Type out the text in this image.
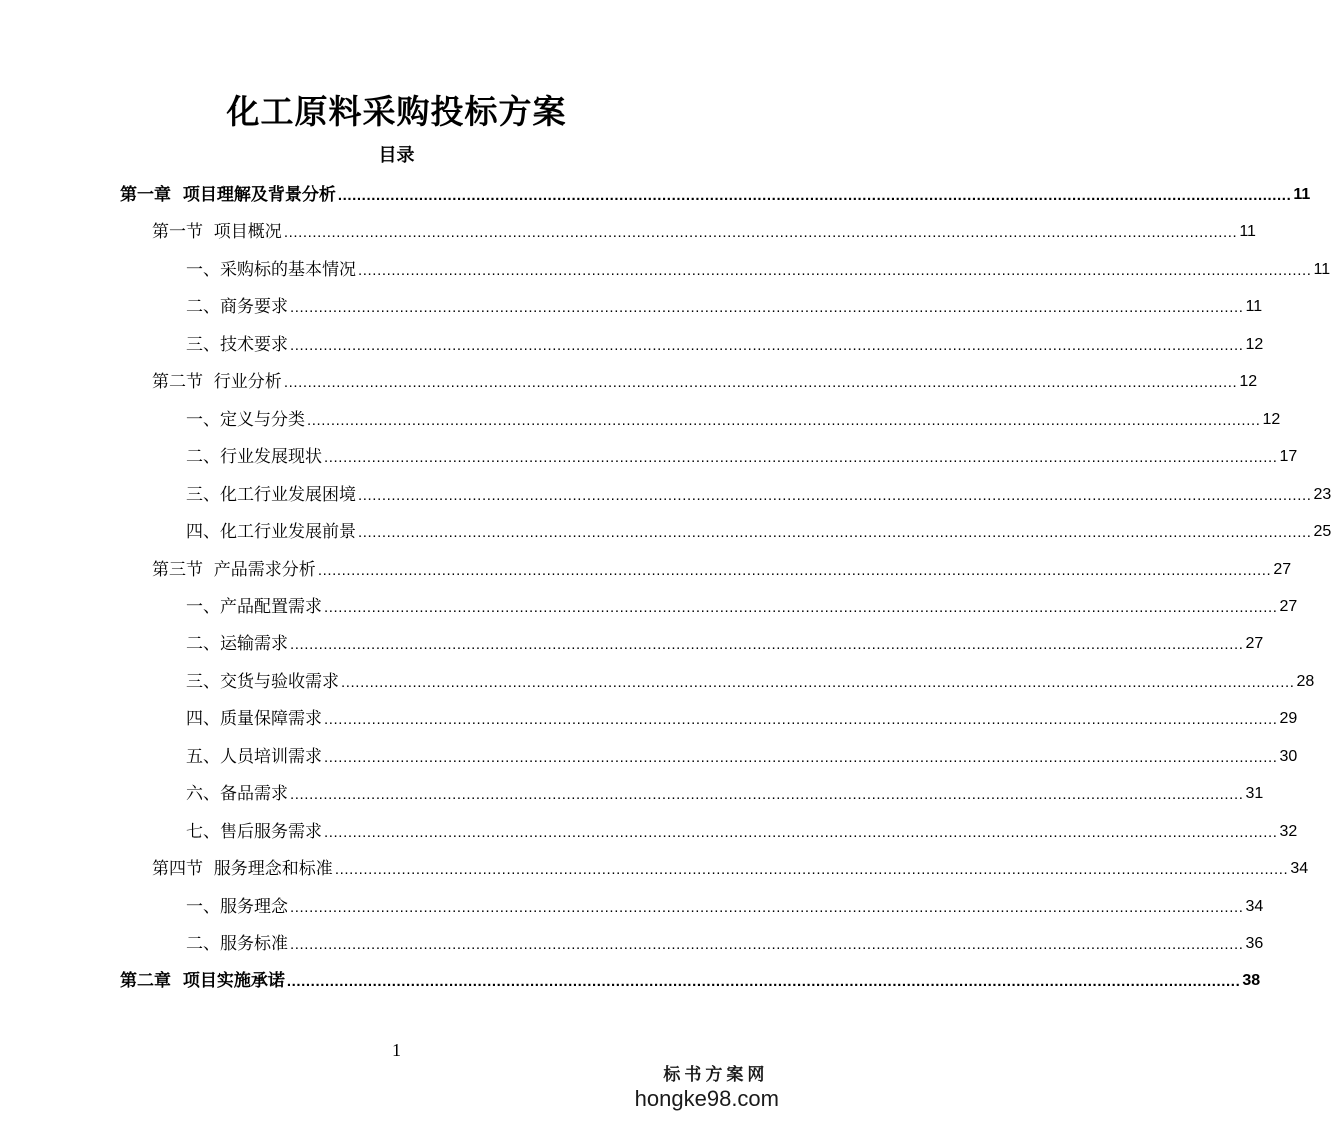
化工原料采购投标方案
目录
第一章  项目理解及背景分析 ........................................................................................................................................................................................................ 11
第一节  项目概况 ........................................................................................................................................................................................................ 11
一、采购标的基本情况 ........................................................................................................................................................................................................ 11
二、商务要求 ........................................................................................................................................................................................................ 11
三、技术要求 ........................................................................................................................................................................................................ 12
第二节  行业分析 ........................................................................................................................................................................................................ 12
一、定义与分类 ........................................................................................................................................................................................................ 12
二、行业发展现状 ........................................................................................................................................................................................................ 17
三、化工行业发展困境 ........................................................................................................................................................................................................ 23
四、化工行业发展前景 ........................................................................................................................................................................................................ 25
第三节  产品需求分析 ........................................................................................................................................................................................................ 27
一、产品配置需求 ........................................................................................................................................................................................................ 27
二、运输需求 ........................................................................................................................................................................................................ 27
三、交货与验收需求 ........................................................................................................................................................................................................ 28
四、质量保障需求 ........................................................................................................................................................................................................ 29
五、人员培训需求 ........................................................................................................................................................................................................ 30
六、备品需求 ........................................................................................................................................................................................................ 31
七、售后服务需求 ........................................................................................................................................................................................................ 32
第四节  服务理念和标准 ........................................................................................................................................................................................................ 34
一、服务理念 ........................................................................................................................................................................................................ 34
二、服务标准 ........................................................................................................................................................................................................ 36
第二章  项目实施承诺 ........................................................................................................................................................................................................ 38
1
标书方案网
hongke98.com
